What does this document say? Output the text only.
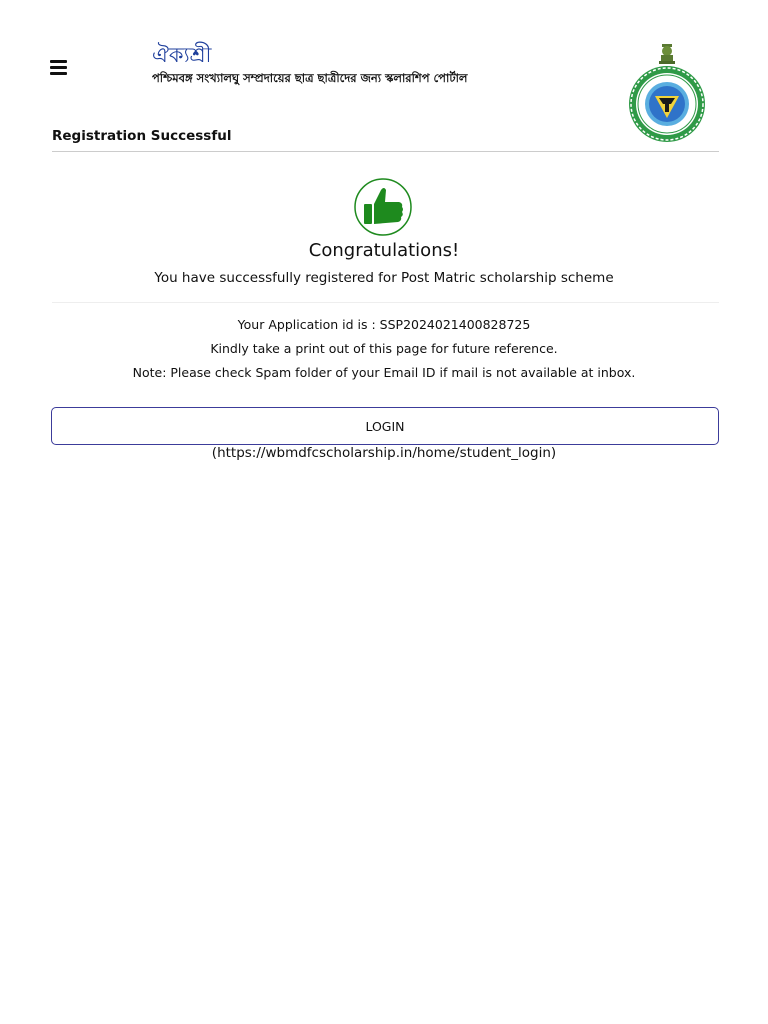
ঐক্যশ্রী
পশ্চিমবঙ্গ সংখ্যালঘু সম্প্রদায়ের ছাত্র ছাত্রীদের জন্য স্কলারশিপ পোর্টাল
Registration Successful
Congratulations!
You have successfully registered for Post Matric scholarship scheme
Your Application id is : SSP2024021400828725
Kindly take a print out of this page for future reference.
Note: Please check Spam folder of your Email ID if mail is not available at inbox.
LOGIN
(https://wbmdfcscholarship.in/home/student_login)
